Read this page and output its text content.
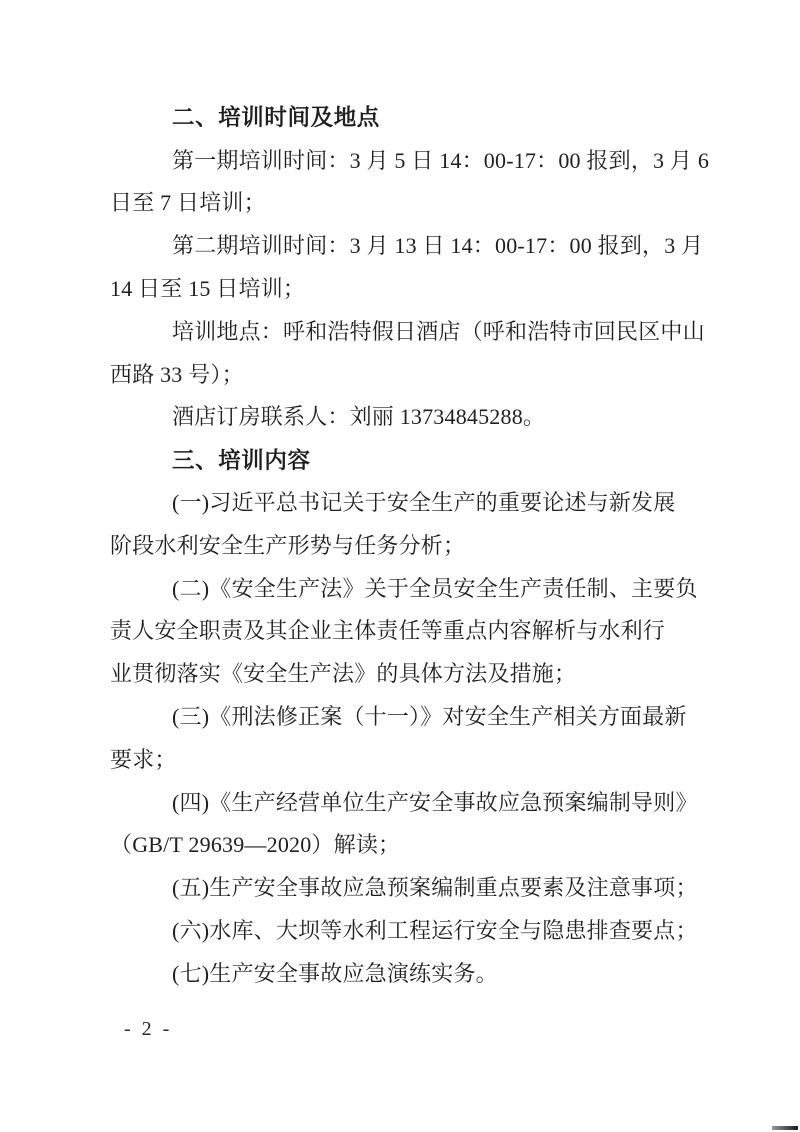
二、培训时间及地点
第一期培训时间：3 月 5 日 14：00-17：00 报到，3 月 6
日至 7 日培训；
第二期培训时间：3 月 13 日 14：00-17：00 报到，3 月
14 日至 15 日培训；
培训地点：呼和浩特假日酒店（呼和浩特市回民区中山
西路 33 号）；
酒店订房联系人：刘丽 13734845288。
三、培训内容
(一)习近平总书记关于安全生产的重要论述与新发展
阶段水利安全生产形势与任务分析；
(二)《安全生产法》关于全员安全生产责任制、主要负
责人安全职责及其企业主体责任等重点内容解析与水利行
业贯彻落实《安全生产法》的具体方法及措施；
(三)《刑法修正案（十一）》对安全生产相关方面最新
要求；
(四)《生产经营单位生产安全事故应急预案编制导则》
（GB/T 29639—2020）解读；
(五)生产安全事故应急预案编制重点要素及注意事项；
(六)水库、大坝等水利工程运行安全与隐患排查要点；
(七)生产安全事故应急演练实务。
- 2 -
